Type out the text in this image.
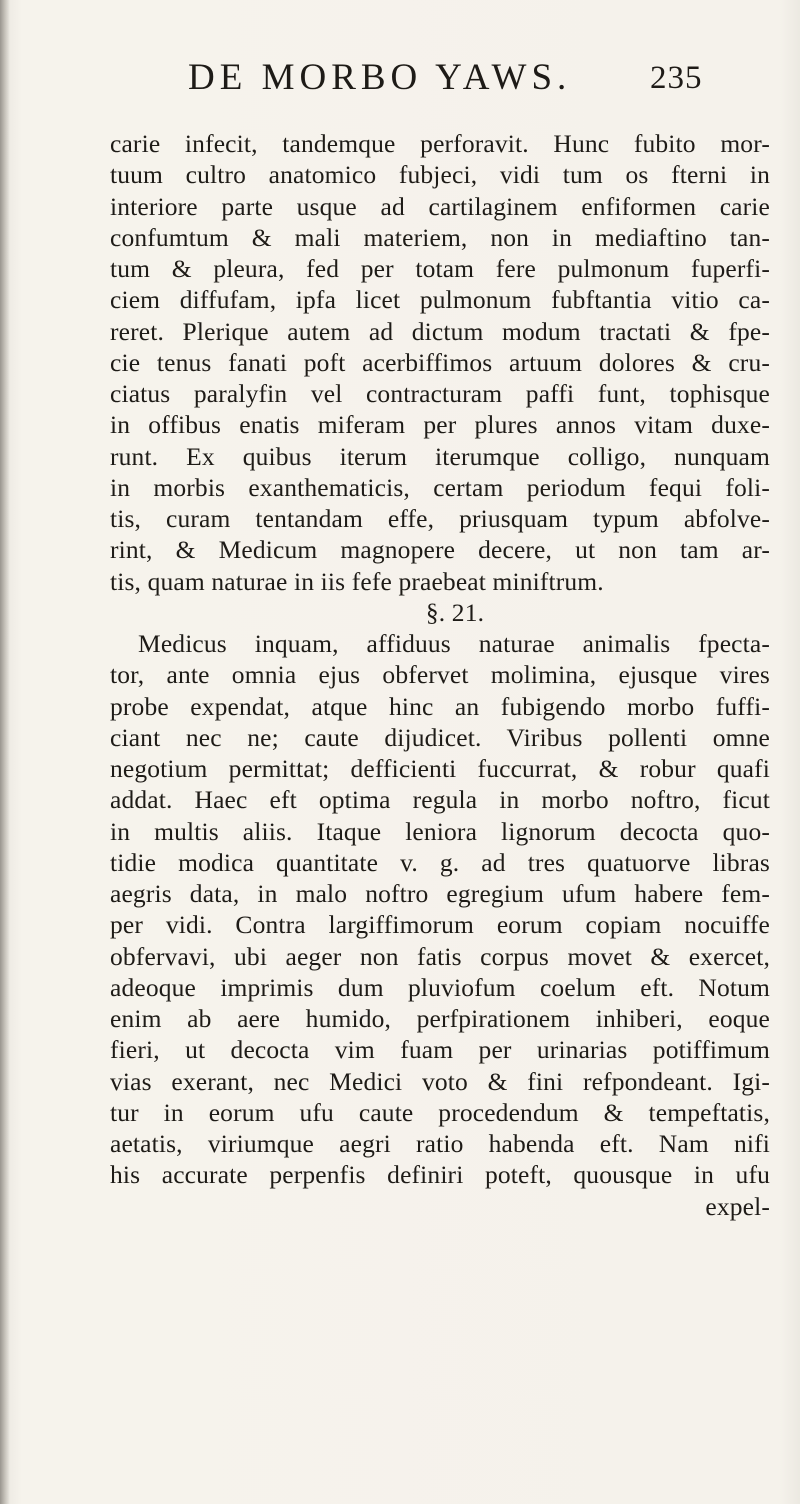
DE MORBO YAWS. 235
carie infecit, tandemque perforavit. Hunc fubito mor-
tuum cultro anatomico fubjeci, vidi tum os fterni in
interiore parte usque ad cartilaginem enfiformen carie
confumtum & mali materiem, non in mediaftino tan-
tum & pleura, fed per totam fere pulmonum fuperfi-
ciem diffufam, ipfa licet pulmonum fubftantia vitio ca-
reret. Plerique autem ad dictum modum tractati & fpe-
cie tenus fanati poft acerbiffimos artuum dolores & cru-
ciatus paralyfin vel contracturam paffi funt, tophisque
in offibus enatis miferam per plures annos vitam duxe-
runt. Ex quibus iterum iterumque colligo, nunquam
in morbis exanthematicis, certam periodum fequi foli-
tis, curam tentandam effe, priusquam typum abfolve-
rint, & Medicum magnopere decere, ut non tam ar-
tis, quam naturae in iis fefe praebeat miniftrum.
§. 21.
Medicus inquam, affiduus naturae animalis fpecta-
tor, ante omnia ejus obfervet molimina, ejusque vires
probe expendat, atque hinc an fubigendo morbo fuffi-
ciant nec ne; caute dijudicet. Viribus pollenti omne
negotium permittat; defficienti fuccurrat, & robur quafi
addat. Haec eft optima regula in morbo noftro, ficut
in multis aliis. Itaque leniora lignorum decocta quo-
tidie modica quantitate v. g. ad tres quatuorve libras
aegris data, in malo noftro egregium ufum habere fem-
per vidi. Contra largiffimorum eorum copiam nocuiffe
obfervavi, ubi aeger non fatis corpus movet & exercet,
adeoque imprimis dum pluviofum coelum eft. Notum
enim ab aere humido, perfpirationem inhiberi, eoque
fieri, ut decocta vim fuam per urinarias potiffimum
vias exerant, nec Medici voto & fini refpondeant. Igi-
tur in eorum ufu caute procedendum & tempeftatis,
aetatis, viriumque aegri ratio habenda eft. Nam nifi
his accurate perpenfis definiri poteft, quousque in ufu
expel-
